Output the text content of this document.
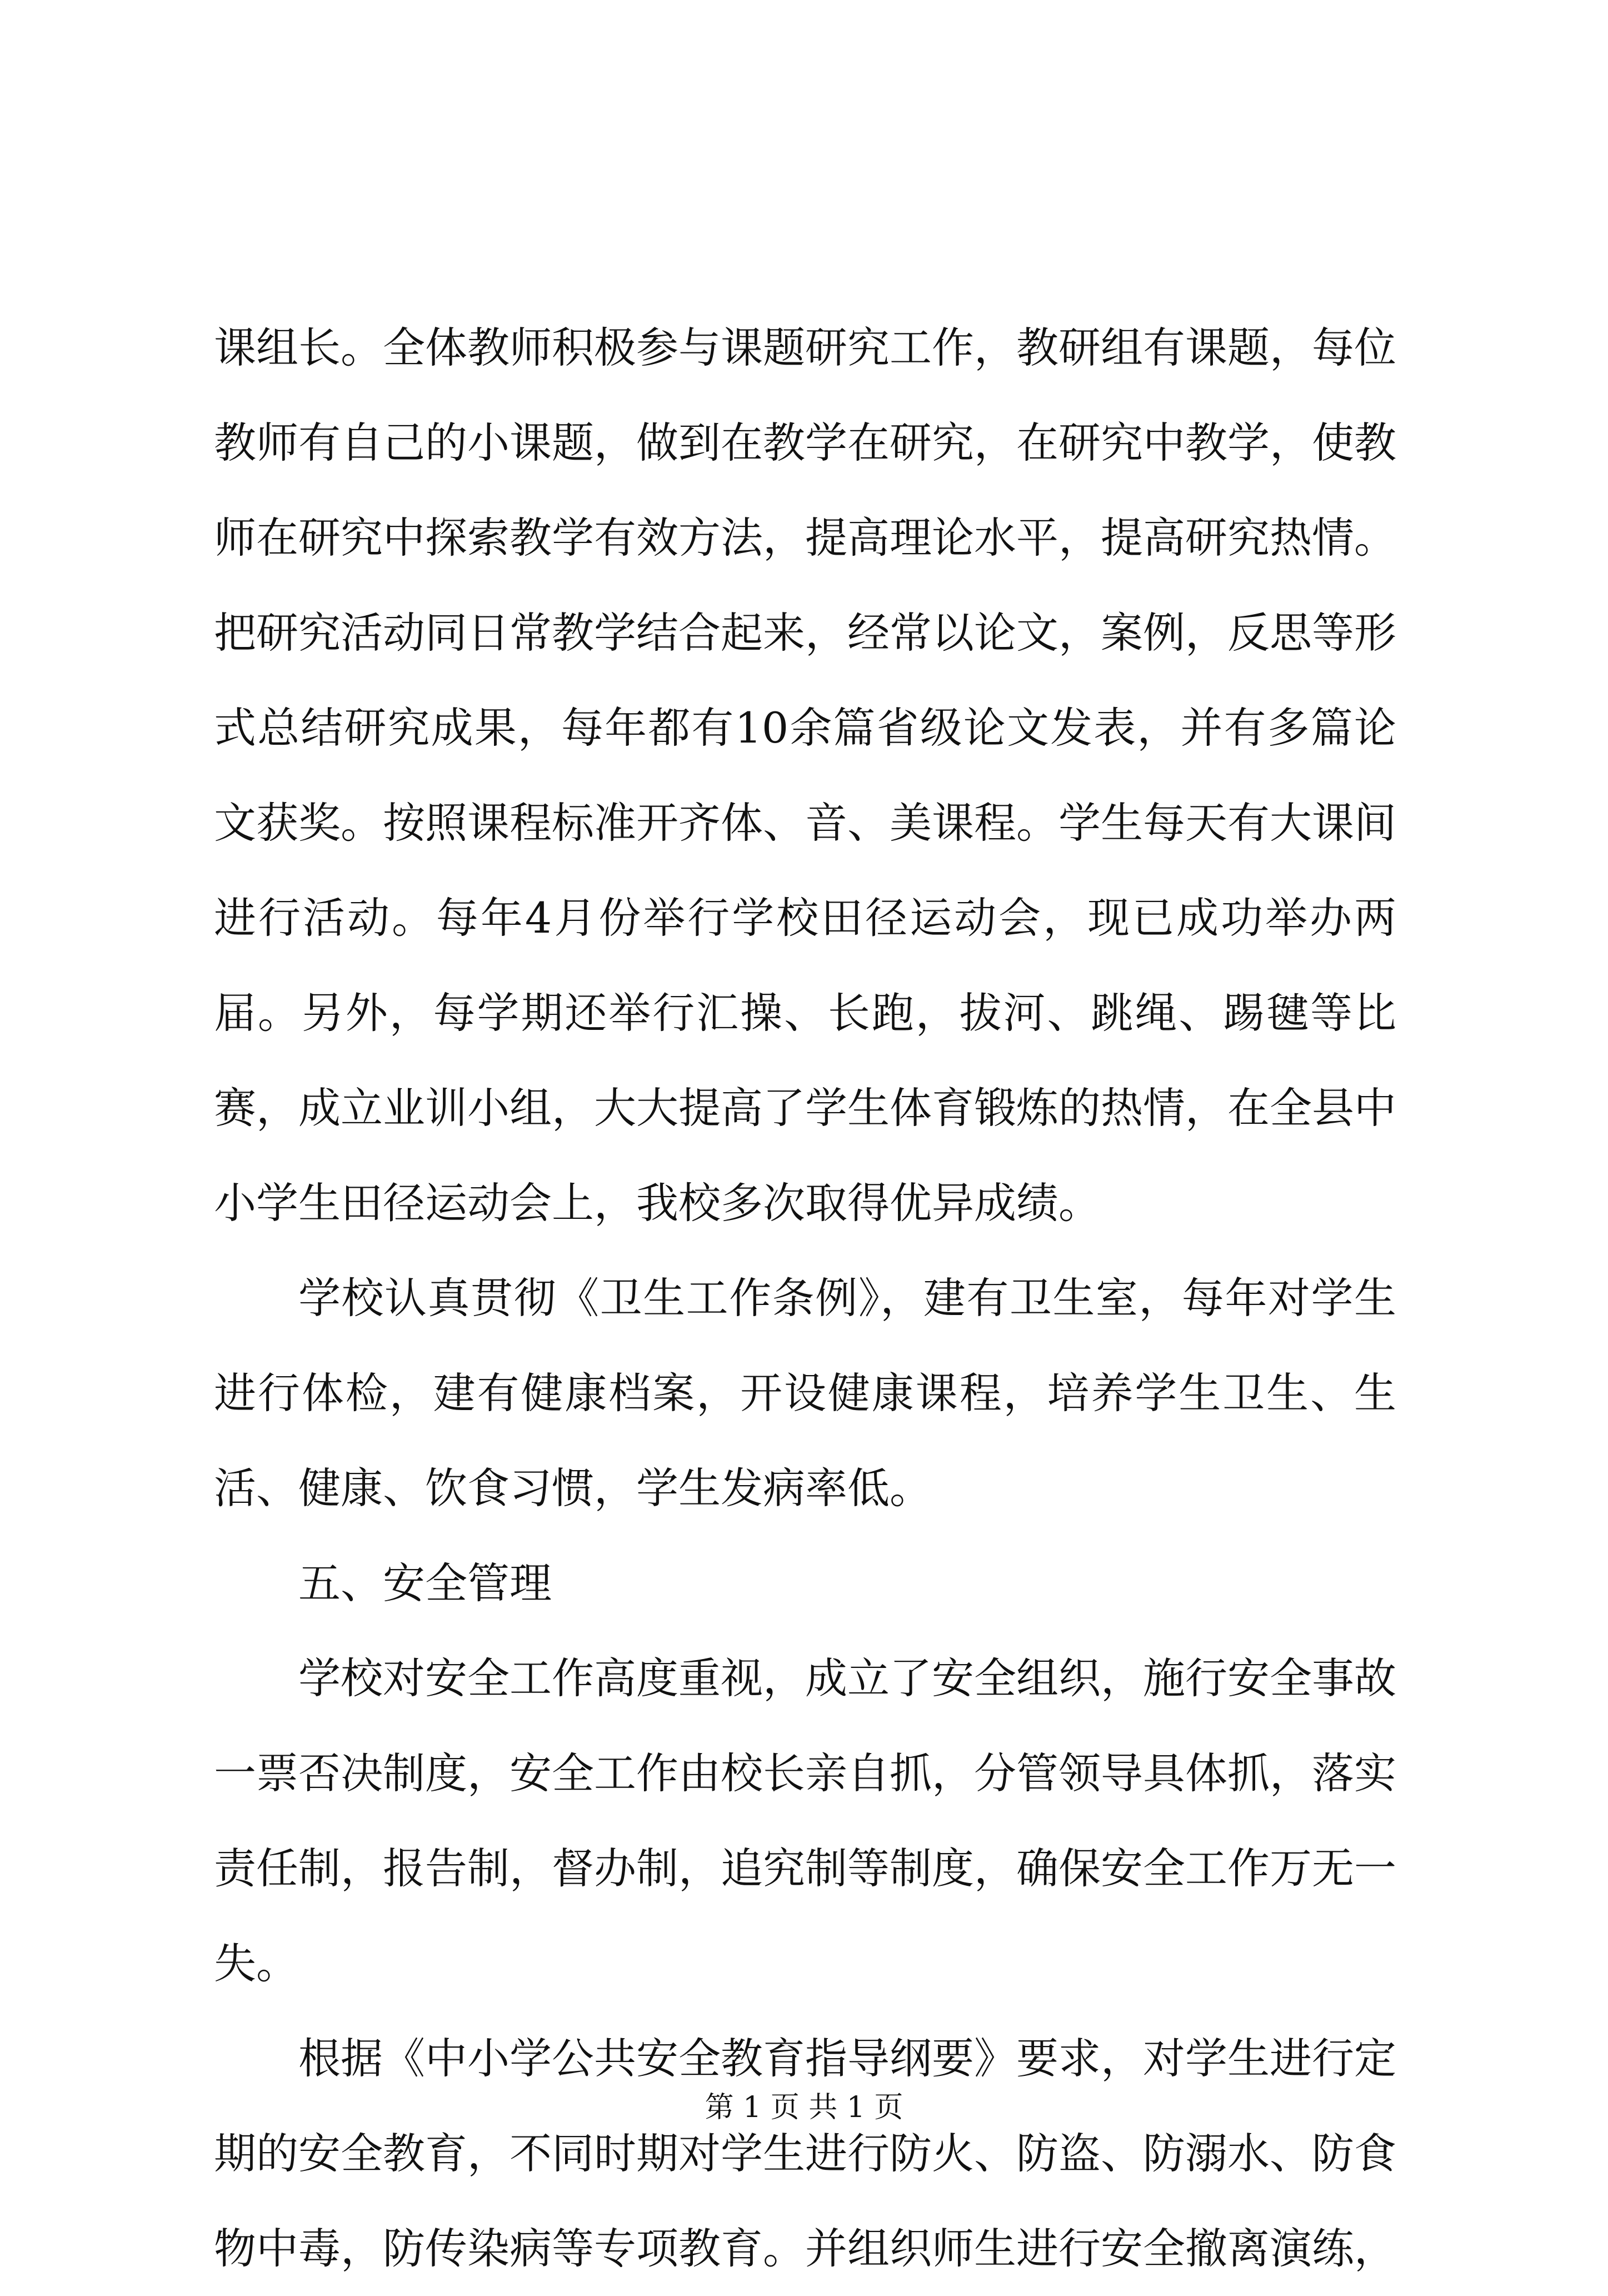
课组长。全体教师积极参与课题研究工作，教研组有课题，每位教师有自己的小课题，做到在教学在研究，在研究中教学，使教师在研究中探索教学有效方法，提高理论水平，提高研究热情。把研究活动同日常教学结合起来，经常以论文，案例，反思等形式总结研究成果，每年都有10余篇省级论文发表，并有多篇论文获奖。按照课程标准开齐体、音、美课程。学生每天有大课间进行活动。每年4月份举行学校田径运动会，现已成功举办两届。另外，每学期还举行汇操、长跑，拔河、跳绳、踢毽等比赛，成立业训小组，大大提高了学生体育锻炼的热情，在全县中小学生田径运动会上，我校多次取得优异成绩。

学校认真贯彻《卫生工作条例》，建有卫生室，每年对学生进行体检，建有健康档案，开设健康课程，培养学生卫生、生活、健康、饮食习惯，学生发病率低。

五、安全管理

学校对安全工作高度重视，成立了安全组织，施行安全事故一票否决制度，安全工作由校长亲自抓，分管领导具体抓，落实责任制，报告制，督办制，追究制等制度，确保安全工作万无一失。

根据《中小学公共安全教育指导纲要》要求，对学生进行定期的安全教育，不同时期对学生进行防火、防盗、防溺水、防食物中毒，防传染病等专项教育。并组织师生进行安全撤离演练，

第 1 页 共 1 页
